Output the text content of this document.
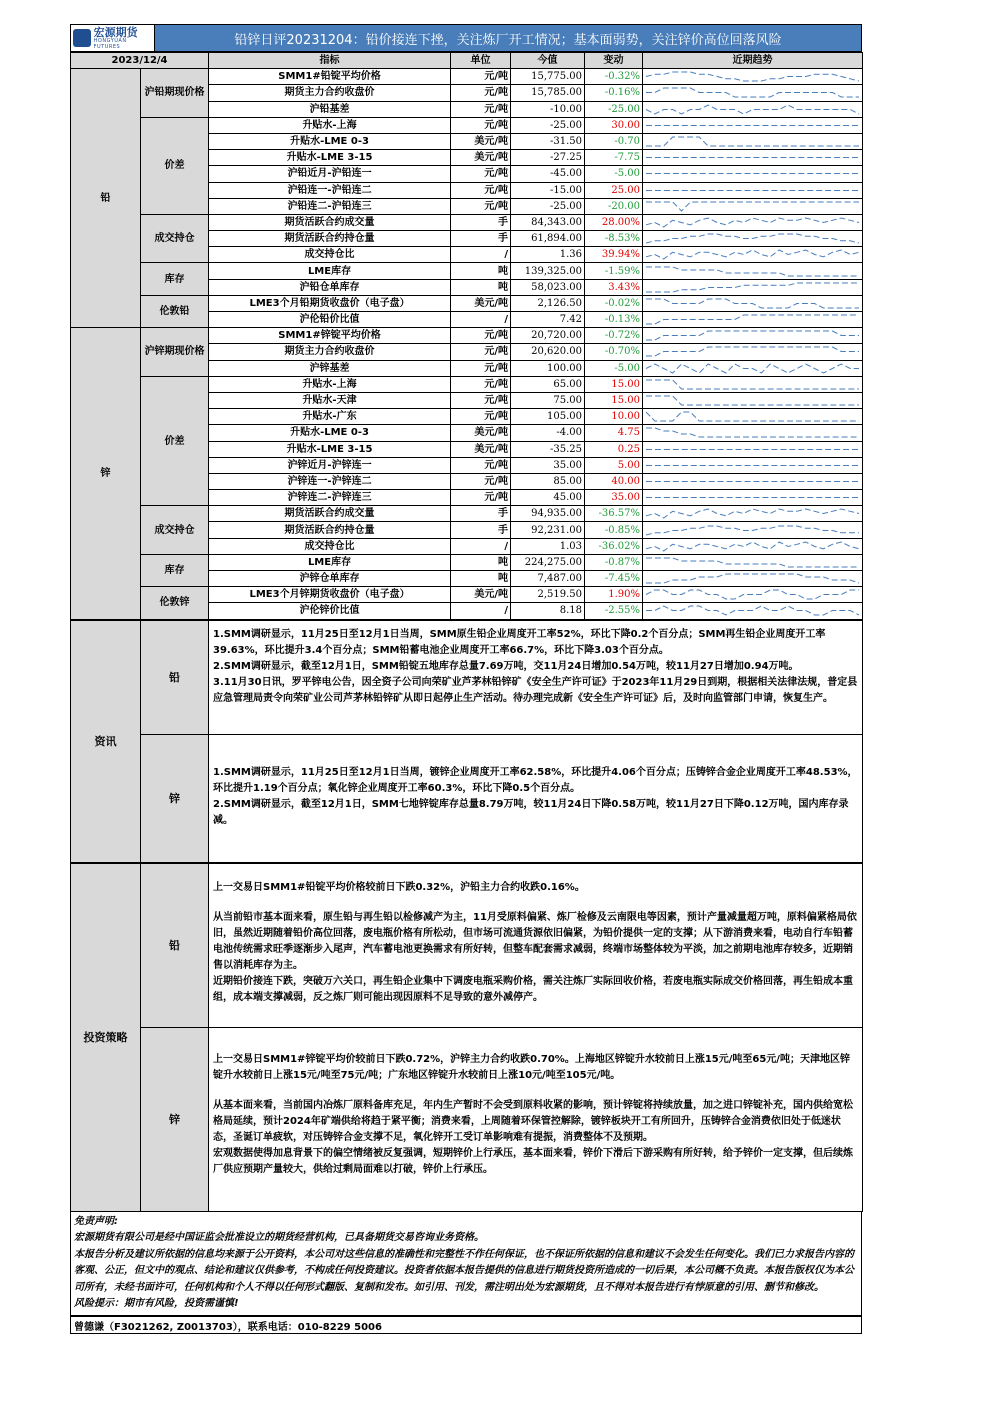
宏源期货
HONGYUAN FUTURES	铅锌日评20231204：铅价接连下挫，关注炼厂开工情况；基本面弱势，关注锌价高位回落风险
2023/12/4		指标	单位	今值	变动	近期趋势
铅	沪铅期现价格	SMM1#铅锭平均价格	元/吨	15,775.00	-0.32%	

		期货主力合约收盘价	元/吨	15,785.00	-0.16%	

		沪铅基差	元/吨	-10.00	-25.00	

	价差	升贴水-上海	元/吨	-25.00	30.00	

		升贴水-LME 0-3	美元/吨	-31.50	-0.70	

		升贴水-LME 3-15	美元/吨	-27.25	-7.75	

		沪铅近月-沪铅连一	元/吨	-45.00	-5.00	

		沪铅连一-沪铅连二	元/吨	-15.00	25.00	

		沪铅连二-沪铅连三	元/吨	-25.00	-20.00	

	成交持仓	期货活跃合约成交量	手	84,343.00	28.00%	

		期货活跃合约持仓量	手	61,894.00	-8.53%	

		成交持仓比	/	1.36	39.94%	

	库存	LME库存	吨	139,325.00	-1.59%	

		沪铅仓单库存	吨	58,023.00	3.43%	

	伦敦铅	LME3个月铅期货收盘价（电子盘）	美元/吨	2,126.50	-0.02%	

		沪伦铅价比值	/	7.42	-0.13%	

锌	沪锌期现价格	SMM1#锌锭平均价格	元/吨	20,720.00	-0.72%	

		期货主力合约收盘价	元/吨	20,620.00	-0.70%	

		沪锌基差	元/吨	100.00	-5.00	

	价差	升贴水-上海	元/吨	65.00	15.00	

		升贴水-天津	元/吨	75.00	15.00	

		升贴水-广东	元/吨	105.00	10.00	

		升贴水-LME 0-3	美元/吨	-4.00	4.75	

		升贴水-LME 3-15	美元/吨	-35.25	0.25	

		沪锌近月-沪锌连一	元/吨	35.00	5.00	

		沪锌连一-沪锌连二	元/吨	85.00	40.00	

		沪锌连二-沪锌连三	元/吨	45.00	35.00	

	成交持仓	期货活跃合约成交量	手	94,935.00	-36.57%	

		期货活跃合约持仓量	手	92,231.00	-0.85%	

		成交持仓比	/	1.03	-36.02%	

	库存	LME库存	吨	224,275.00	-0.87%	

		沪锌仓单库存	吨	7,487.00	-7.45%	

	伦敦锌	LME3个月锌期货收盘价（电子盘）	美元/吨	2,519.50	1.90%	

		沪伦锌价比值	/	8.18	-2.55%	
资讯	铅	1.SMM调研显示，11月25日至12月1日当周，SMM原生铅企业周度开工率52%，环比下降0.2个百分点；SMM再生铅企业周度开工率39.63%，环比提升3.4个百分点；SMM铅蓄电池企业周度开工率66.7%，环比下降3.03个百分点。

2.SMM调研显示，截至12月1日，SMM铅锭五地库存总量7.69万吨，交11月24日增加0.54万吨，较11月27日增加0.94万吨。

3.11月30日讯，罗平锌电公告，因全资子公司向荣矿业芦茅林铅锌矿《安全生产许可证》于2023年11月29日到期，根据相关法律法规，普定县应急管理局责令向荣矿业公司芦茅林铅锌矿从即日起停止生产活动。待办理完成新《安全生产许可证》后，及时向监管部门申请，恢复生产。

	锌	1.SMM调研显示，11月25日至12月1日当周，镀锌企业周度开工率62.58%，环比提升4.06个百分点；压铸锌合金企业周度开工率48.53%，环比提升1.19个百分点；氧化锌企业周度开工率60.3%，环比下降0.5个百分点。

2.SMM调研显示，截至12月1日，SMM七地锌锭库存总量8.79万吨，较11月24日下降0.58万吨，较11月27日下降0.12万吨，国内库存录减。

投资策略	铅	上一交易日SMM1#铅锭平均价格较前日下跌0.32%，沪铅主力合约收跌0.16%。

从当前铅市基本面来看，原生铅与再生铅以检修减产为主，11月受原料偏紧、炼厂检修及云南限电等因素，预计产量减量超万吨，原料偏紧格局依旧，虽然近期随着铅价高位回落，废电瓶价格有所松动，但市场可流通货源依旧偏紧，为铅价提供一定的支撑；从下游消费来看，电动自行车铅蓄电池传统需求旺季逐渐步入尾声，汽车蓄电池更换需求有所好转，但整车配套需求减弱，终端市场整体较为平淡，加之前期电池库存较多，近期销售以消耗库存为主。

近期铅价接连下跌，突破万六关口，再生铅企业集中下调废电瓶采购价格，需关注炼厂实际回收价格，若废电瓶实际成交价格回落，再生铅成本重组，成本端支撑减弱，反之炼厂则可能出现因原料不足导致的意外减停产。

	锌	上一交易日SMM1#锌锭平均价较前日下跌0.72%，沪锌主力合约收跌0.70%。上海地区锌锭升水较前日上涨15元/吨至65元/吨；天津地区锌锭升水较前日上涨15元/吨至75元/吨；广东地区锌锭升水较前日上涨10元/吨至105元/吨。

从基本面来看，当前国内冶炼厂原料备库充足，年内生产暂时不会受到原料收紧的影响，预计锌锭将持续放量，加之进口锌锭补充，国内供给宽松格局延续，预计2024年矿端供给将趋于紧平衡；消费来看，上周随着环保管控解除，镀锌板块开工有所回升，压铸锌合金消费依旧处于低迷状态，圣诞订单疲软，对压铸锌合金支撑不足，氧化锌开工受订单影响难有提振，消费整体不及预期。

宏观数据使得加息背景下的偏空情绪被反复强调，短期锌价上行承压，基本面来看，锌价下滑后下游采购有所好转，给予锌价一定支撑，但后续炼厂供应预期产量较大，供给过剩局面难以打破，锌价上行承压。

免责声明:

宏源期货有限公司是经中国证监会批准设立的期货经营机构，已具备期货交易咨询业务资格。

本报告分析及建议所依据的信息均来源于公开资料，本公司对这些信息的准确性和完整性不作任何保证，也不保证所依据的信息和建议不会发生任何变化。我们已力求报告内容的客观、公正，但文中的观点、结论和建议仅供参考，不构成任何投资建议。投资者依据本报告提供的信息进行期货投资所造成的一切后果，本公司概不负责。本报告版权仅为本公司所有，未经书面许可，任何机构和个人不得以任何形式翻版、复制和发布。如引用、刊发，需注明出处为宏源期货，且不得对本报告进行有悖原意的引用、删节和修改。

风险提示：期市有风险，投资需谨慎!

曾德谦（F3021262, Z0013703），联系电话：010-8229 5006
